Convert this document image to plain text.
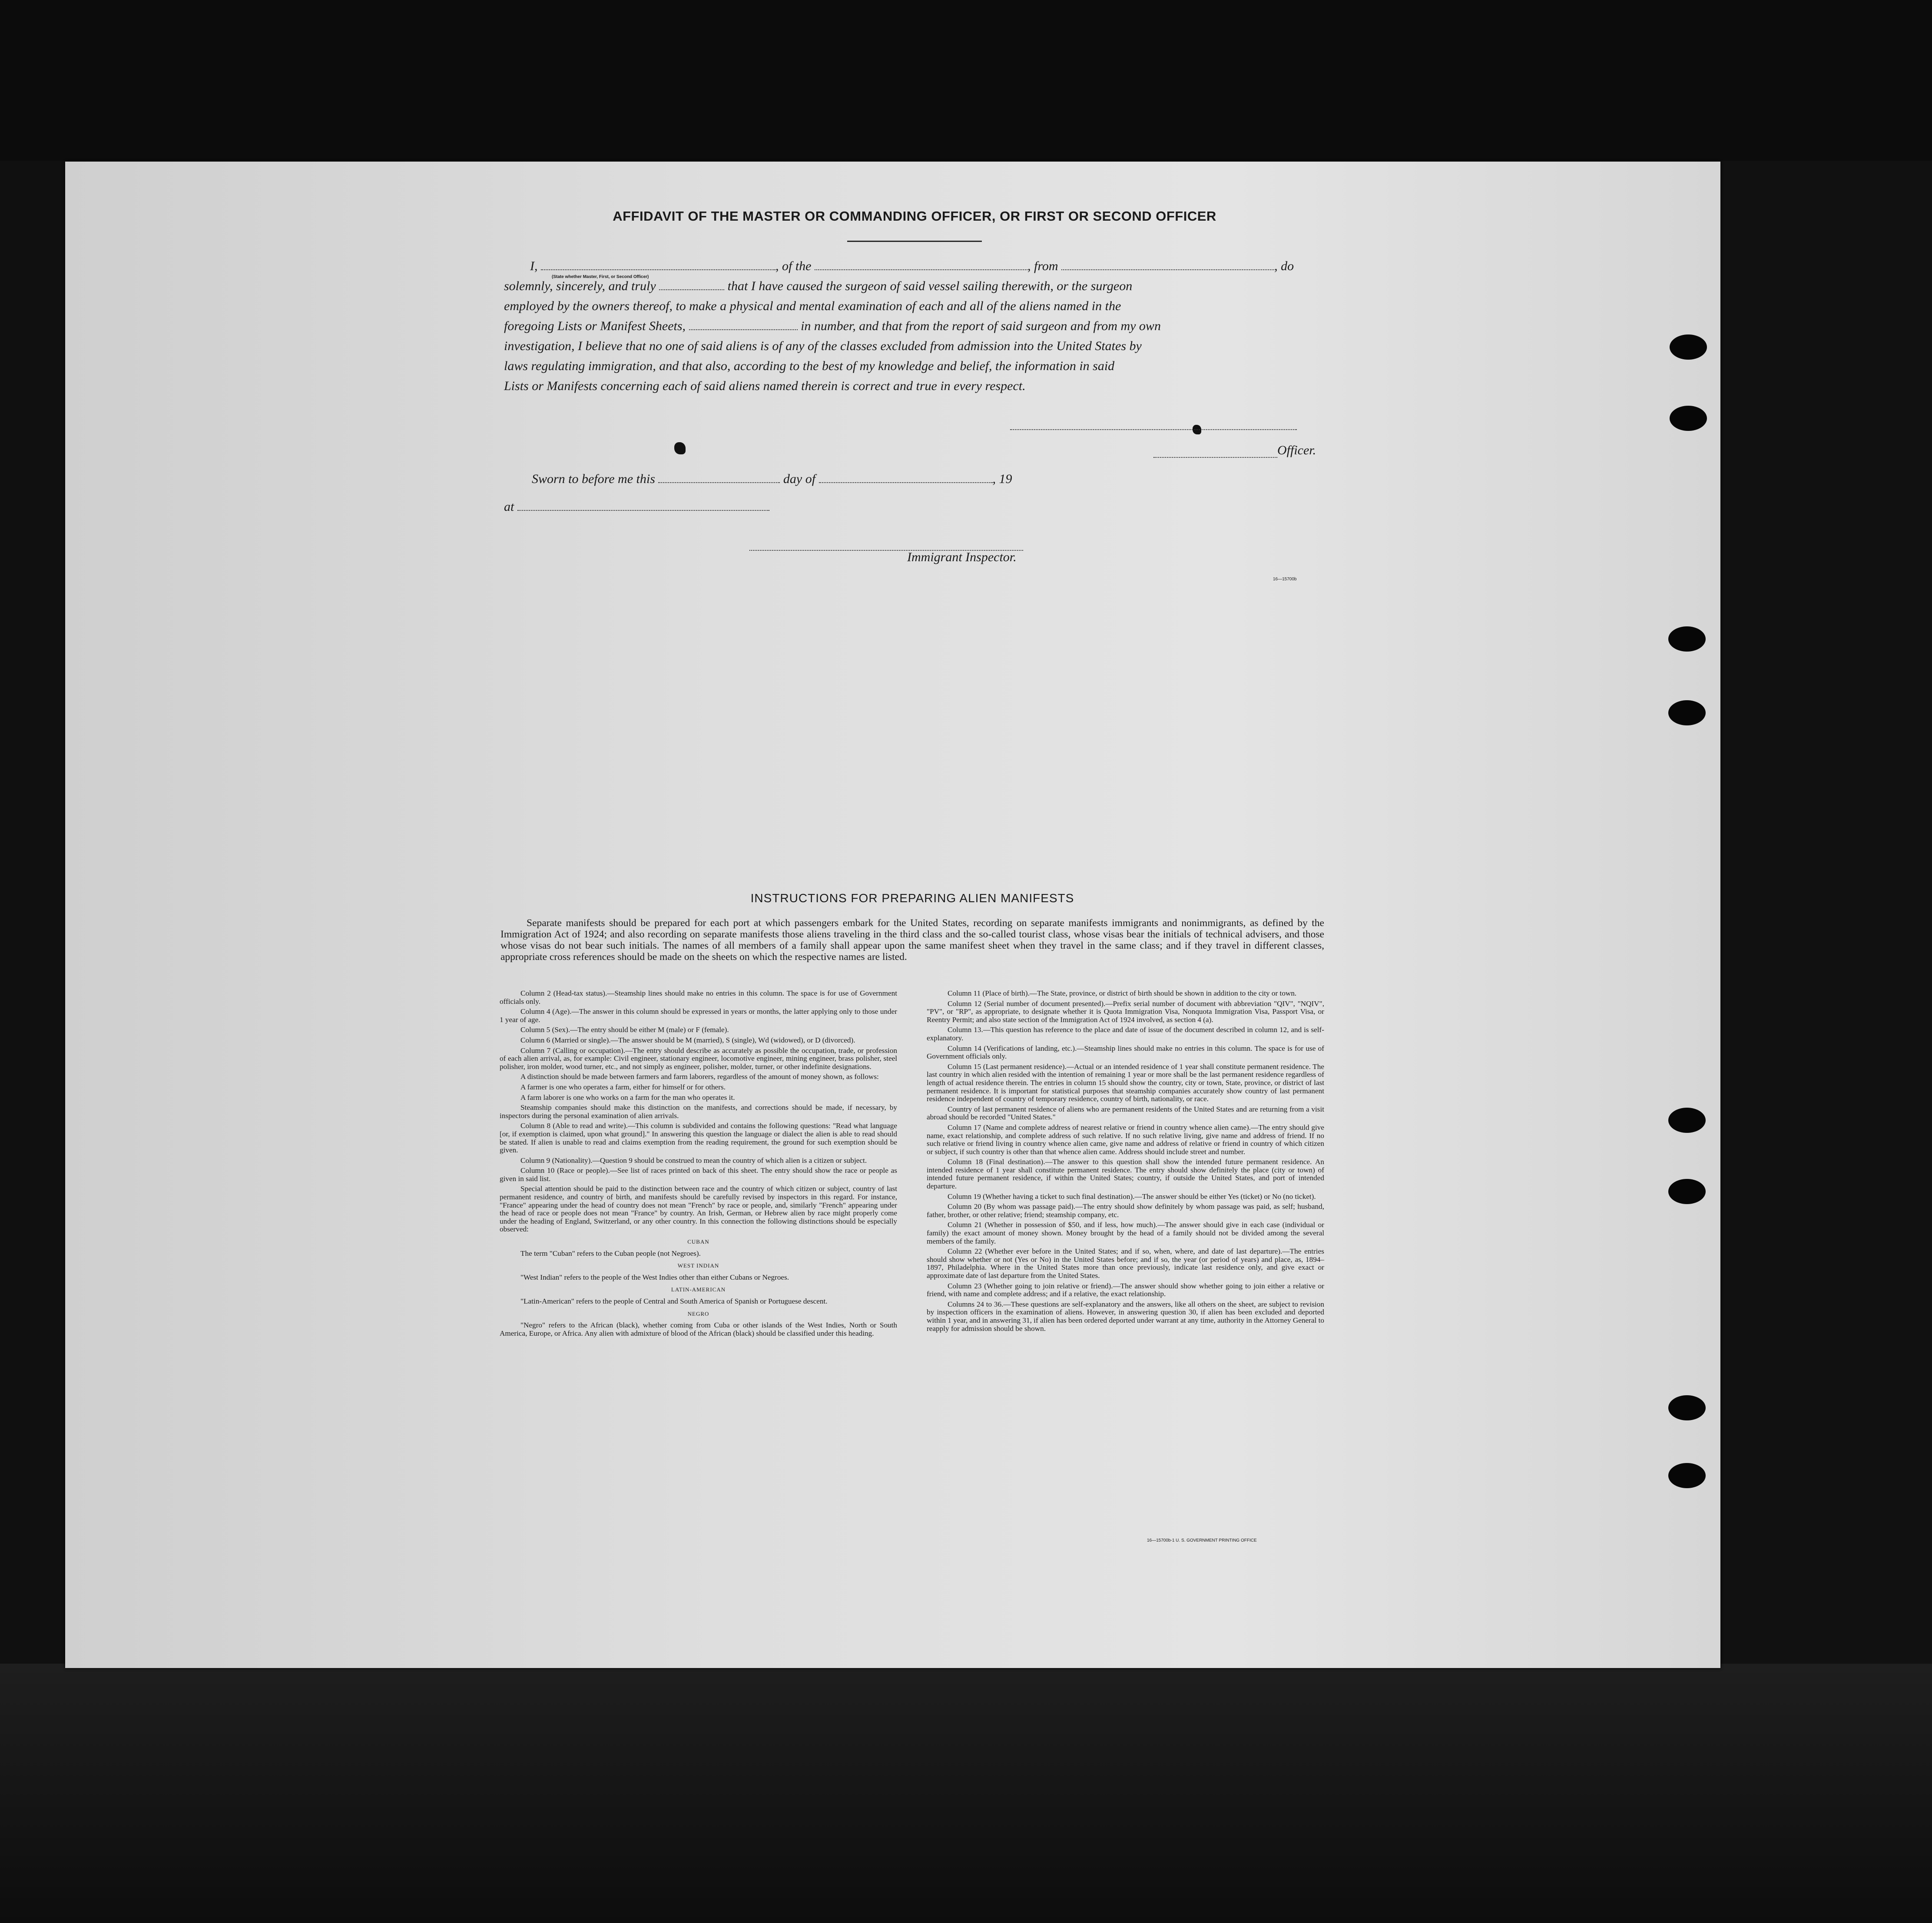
AFFIDAVIT OF THE MASTER OR COMMANDING OFFICER, OR FIRST OR SECOND OFFICER
I,	, of the	, from	, do
solemnly, sincerely, and truly	that I have caused the surgeon of said vessel sailing therewith, or the surgeon
employed by the owners thereof, to make a physical and mental examination of each and all of the aliens named in the
foregoing Lists or Manifest Sheets,	in number, and that from the report of said surgeon and from my own
investigation, I believe that no one of said aliens is of any of the classes excluded from admission into the United States by
laws regulating immigration, and that also, according to the best of my knowledge and belief, the information in said
Lists or Manifests concerning each of said aliens named therein is correct and true in every respect.
(State whether Master, First, or Second Officer)
Officer.
Sworn to before me this	day of	, 19
at
Immigrant Inspector.
16—15700b
INSTRUCTIONS FOR PREPARING ALIEN MANIFESTS
Separate manifests should be prepared for each port at which passengers embark for the United States, recording on separate manifests immigrants and nonimmigrants, as defined by the Immigration Act of 1924; and also recording on separate manifests those aliens traveling in the third class and the so-called tourist class, whose visas bear the initials of technical advisers, and those whose visas do not bear such initials. The names of all members of a family shall appear upon the same manifest sheet when they travel in the same class; and if they travel in different classes, appropriate cross references should be made on the sheets on which the respective names are listed.

Column 2 (Head-tax status).—Steamship lines should make no entries in this column. The space is for use of Government officials only.

Column 4 (Age).—The answer in this column should be expressed in years or months, the latter applying only to those under 1 year of age.

Column 5 (Sex).—The entry should be either M (male) or F (female).

Column 6 (Married or single).—The answer should be M (married), S (single), Wd (widowed), or D (divorced).

Column 7 (Calling or occupation).—The entry should describe as accurately as possible the occupation, trade, or profession of each alien arrival, as, for example: Civil engineer, stationary engineer, locomotive engineer, mining engineer, brass polisher, steel polisher, iron molder, wood turner, etc., and not simply as engineer, polisher, molder, turner, or other indefinite designations.

A distinction should be made between farmers and farm laborers, regardless of the amount of money shown, as follows:

A farmer is one who operates a farm, either for himself or for others.

A farm laborer is one who works on a farm for the man who operates it.

Steamship companies should make this distinction on the manifests, and corrections should be made, if necessary, by inspectors during the personal examination of alien arrivals.

Column 8 (Able to read and write).—This column is subdivided and contains the following questions: "Read what language [or, if exemption is claimed, upon what ground]." In answering this question the language or dialect the alien is able to read should be stated. If alien is unable to read and claims exemption from the reading requirement, the ground for such exemption should be given.

Column 9 (Nationality).—Question 9 should be construed to mean the country of which alien is a citizen or subject.

Column 10 (Race or people).—See list of races printed on back of this sheet. The entry should show the race or people as given in said list.

Special attention should be paid to the distinction between race and the country of which citizen or subject, country of last permanent residence, and country of birth, and manifests should be carefully revised by inspectors in this regard. For instance, "France" appearing under the head of country does not mean "French" by race or people, and, similarly "French" appearing under the head of race or people does not mean "France" by country. An Irish, German, or Hebrew alien by race might properly come under the heading of England, Switzerland, or any other country. In this connection the following distinctions should be especially observed:

CUBAN

The term "Cuban" refers to the Cuban people (not Negroes).

WEST INDIAN

"West Indian" refers to the people of the West Indies other than either Cubans or Negroes.

LATIN-AMERICAN

"Latin-American" refers to the people of Central and South America of Spanish or Portuguese descent.

NEGRO

"Negro" refers to the African (black), whether coming from Cuba or other islands of the West Indies, North or South America, Europe, or Africa. Any alien with admixture of blood of the African (black) should be classified under this heading.

Column 11 (Place of birth).—The State, province, or district of birth should be shown in addition to the city or town.

Column 12 (Serial number of document presented).—Prefix serial number of document with abbreviation "QIV", "NQIV", "PV", or "RP", as appropriate, to designate whether it is Quota Immigration Visa, Nonquota Immigration Visa, Passport Visa, or Reentry Permit; and also state section of the Immigration Act of 1924 involved, as section 4 (a).

Column 13.—This question has reference to the place and date of issue of the document described in column 12, and is self-explanatory.

Column 14 (Verifications of landing, etc.).—Steamship lines should make no entries in this column. The space is for use of Government officials only.

Column 15 (Last permanent residence).—Actual or an intended residence of 1 year shall constitute permanent residence. The last country in which alien resided with the intention of remaining 1 year or more shall be the last permanent residence regardless of length of actual residence therein. The entries in column 15 should show the country, city or town, State, province, or district of last permanent residence. It is important for statistical purposes that steamship companies accurately show country of last permanent residence independent of country of temporary residence, country of birth, nationality, or race.

Country of last permanent residence of aliens who are permanent residents of the United States and are returning from a visit abroad should be recorded "United States."

Column 17 (Name and complete address of nearest relative or friend in country whence alien came).—The entry should give name, exact relationship, and complete address of such relative. If no such relative living, give name and address of friend. If no such relative or friend living in country whence alien came, give name and address of relative or friend in country of which citizen or subject, if such country is other than that whence alien came. Address should include street and number.

Column 18 (Final destination).—The answer to this question shall show the intended future permanent residence. An intended residence of 1 year shall constitute permanent residence. The entry should show definitely the place (city or town) of intended future permanent residence, if within the United States; country, if outside the United States, and port of intended departure.

Column 19 (Whether having a ticket to such final destination).—The answer should be either Yes (ticket) or No (no ticket).

Column 20 (By whom was passage paid).—The entry should show definitely by whom passage was paid, as self; husband, father, brother, or other relative; friend; steamship company, etc.

Column 21 (Whether in possession of $50, and if less, how much).—The answer should give in each case (individual or family) the exact amount of money shown. Money brought by the head of a family should not be divided among the several members of the family.

Column 22 (Whether ever before in the United States; and if so, when, where, and date of last departure).—The entries should show whether or not (Yes or No) in the United States before; and if so, the year (or period of years) and place, as, 1894–1897, Philadelphia. Where in the United States more than once previously, indicate last residence only, and give exact or approximate date of last departure from the United States.

Column 23 (Whether going to join relative or friend).—The answer should show whether going to join either a relative or friend, with name and complete address; and if a relative, the exact relationship.

Columns 24 to 36.—These questions are self-explanatory and the answers, like all others on the sheet, are subject to revision by inspection officers in the examination of aliens. However, in answering question 30, if alien has been excluded and deported within 1 year, and in answering 31, if alien has been ordered deported under warrant at any time, authority in the Attorney General to reapply for admission should be shown.

16—15700b-1 U. S. GOVERNMENT PRINTING OFFICE
